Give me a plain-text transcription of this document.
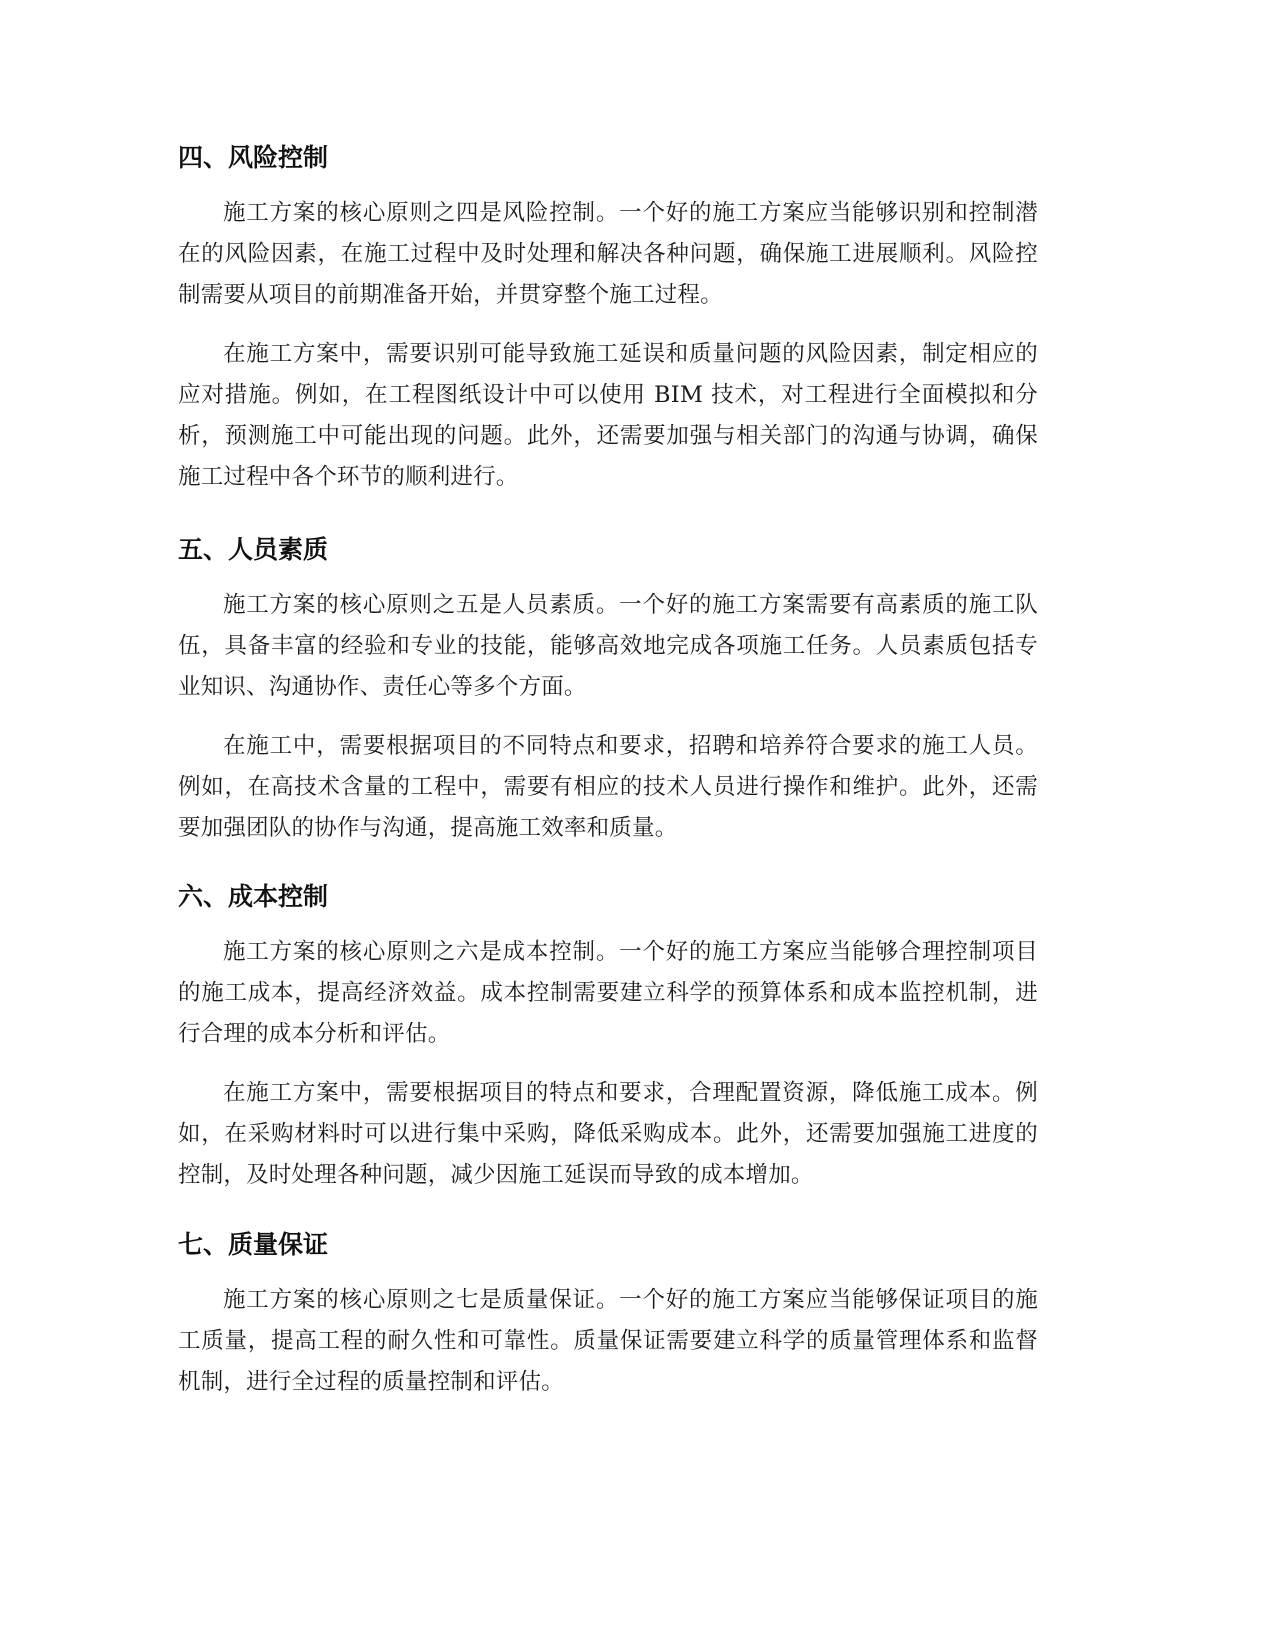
四、风险控制

施工方案的核心原则之四是风险控制。一个好的施工方案应当能够识别和控制潜在的风险因素，在施工过程中及时处理和解决各种问题，确保施工进展顺利。风险控制需要从项目的前期准备开始，并贯穿整个施工过程。

在施工方案中，需要识别可能导致施工延误和质量问题的风险因素，制定相应的应对措施。例如，在工程图纸设计中可以使用 BIM 技术，对工程进行全面模拟和分析，预测施工中可能出现的问题。此外，还需要加强与相关部门的沟通与协调，确保施工过程中各个环节的顺利进行。

五、人员素质

施工方案的核心原则之五是人员素质。一个好的施工方案需要有高素质的施工队伍，具备丰富的经验和专业的技能，能够高效地完成各项施工任务。人员素质包括专业知识、沟通协作、责任心等多个方面。

在施工中，需要根据项目的不同特点和要求，招聘和培养符合要求的施工人员。例如，在高技术含量的工程中，需要有相应的技术人员进行操作和维护。此外，还需要加强团队的协作与沟通，提高施工效率和质量。

六、成本控制

施工方案的核心原则之六是成本控制。一个好的施工方案应当能够合理控制项目的施工成本，提高经济效益。成本控制需要建立科学的预算体系和成本监控机制，进行合理的成本分析和评估。

在施工方案中，需要根据项目的特点和要求，合理配置资源，降低施工成本。例如，在采购材料时可以进行集中采购，降低采购成本。此外，还需要加强施工进度的控制，及时处理各种问题，减少因施工延误而导致的成本增加。

七、质量保证

施工方案的核心原则之七是质量保证。一个好的施工方案应当能够保证项目的施工质量，提高工程的耐久性和可靠性。质量保证需要建立科学的质量管理体系和监督机制，进行全过程的质量控制和评估。
